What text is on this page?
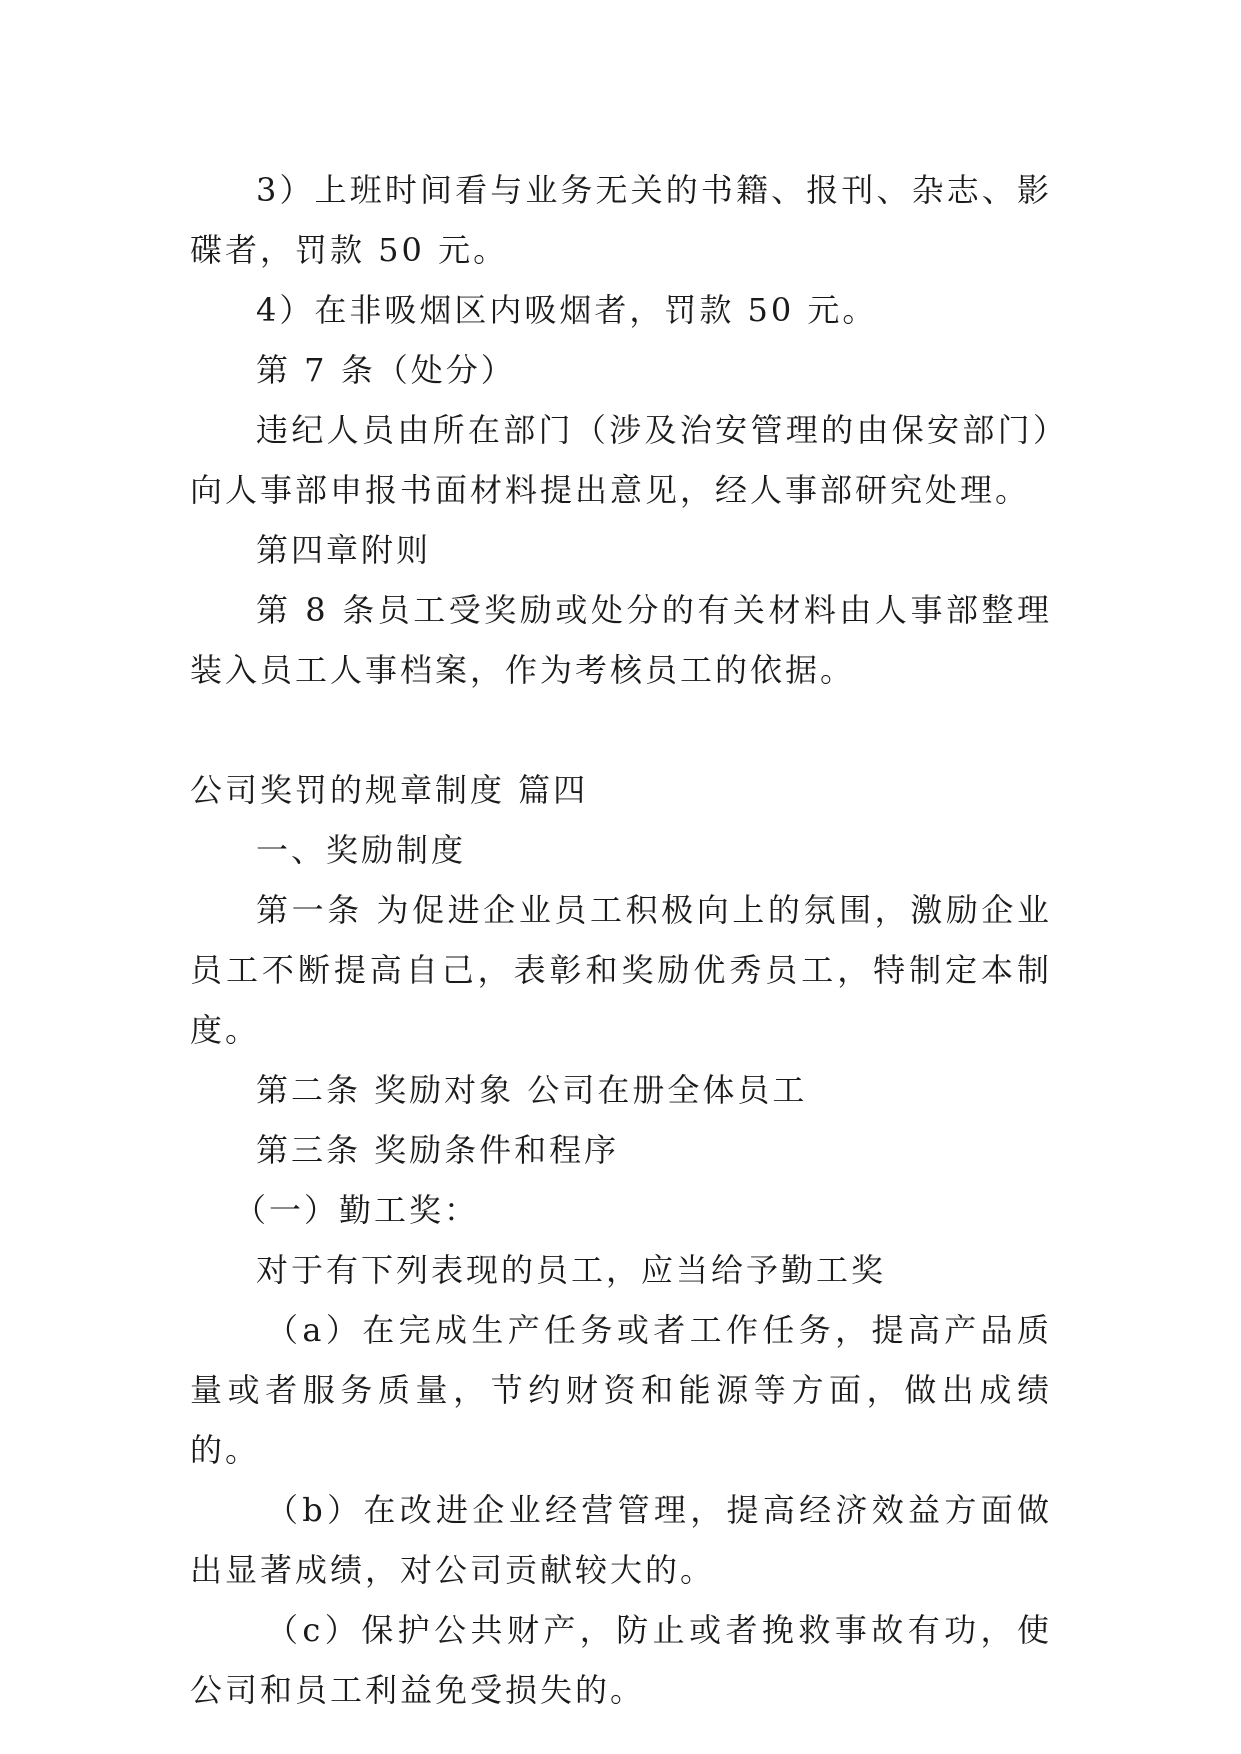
3）上班时间看与业务无关的书籍、报刊、杂志、影碟者，罚款 50 元。

4）在非吸烟区内吸烟者，罚款 50 元。

第 7 条（处分）

违纪人员由所在部门（涉及治安管理的由保安部门）向人事部申报书面材料提出意见，经人事部研究处理。

第四章附则

第 8 条员工受奖励或处分的有关材料由人事部整理装入员工人事档案，作为考核员工的依据。

公司奖罚的规章制度 篇四

一、奖励制度

第一条 为促进企业员工积极向上的氛围，激励企业员工不断提高自己，表彰和奖励优秀员工，特制定本制度。

第二条 奖励对象 公司在册全体员工

第三条 奖励条件和程序

（一）勤工奖：

对于有下列表现的员工，应当给予勤工奖

（a）在完成生产任务或者工作任务，提高产品质量或者服务质量，节约财资和能源等方面，做出成绩的。

（b）在改进企业经营管理，提高经济效益方面做出显著成绩，对公司贡献较大的。

（c）保护公共财产，防止或者挽救事故有功，使公司和员工利益免受损失的。
